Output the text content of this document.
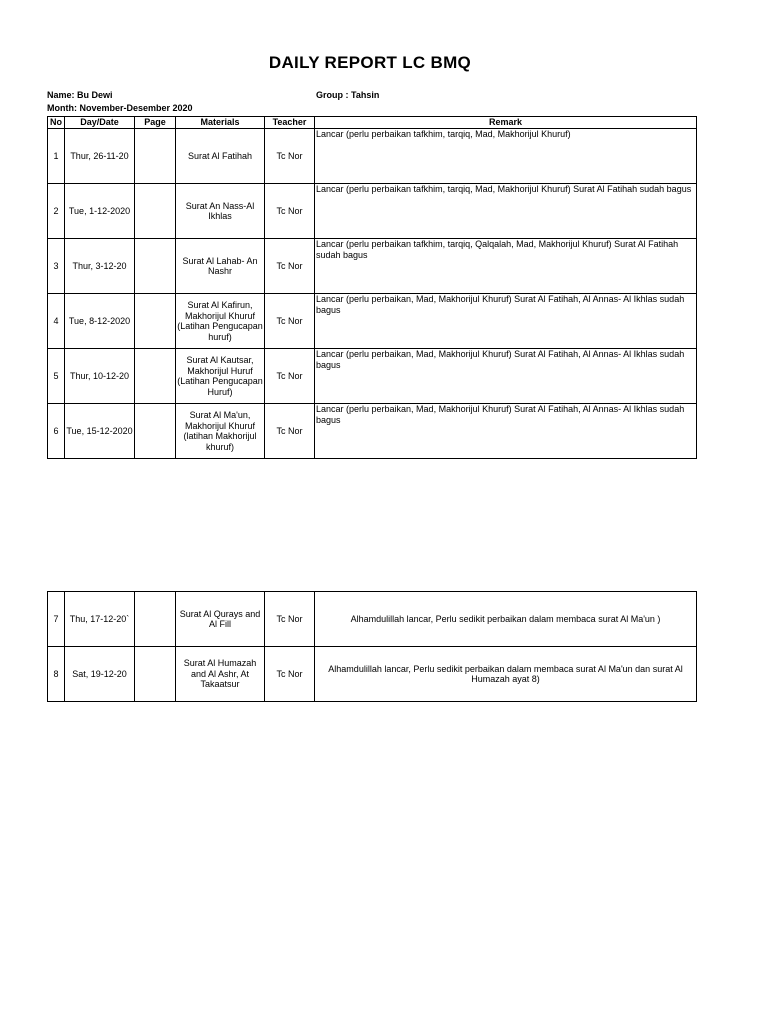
DAILY REPORT LC BMQ
Name: Bu Dewi	Group : Tahsin
Month: November-Desember 2020
No	Day/Date	Page	Materials	Teacher	Remark
1	Thur, 26-11-20		Surat Al Fatihah	Tc Nor	Lancar (perlu perbaikan tafkhim, tarqiq, Mad, Makhorijul Khuruf)
2	Tue, 1-12-2020		Surat An Nass-Al Ikhlas	Tc Nor	Lancar (perlu perbaikan tafkhim, tarqiq, Mad, Makhorijul Khuruf) Surat Al Fatihah sudah bagus
3	Thur, 3-12-20		Surat Al Lahab- An Nashr	Tc Nor	Lancar (perlu perbaikan tafkhim, tarqiq, Qalqalah, Mad, Makhorijul Khuruf) Surat Al Fatihah sudah bagus
4	Tue, 8-12-2020		Surat Al Kafirun, Makhorijul Khuruf (Latihan Pengucapan huruf)	Tc Nor	Lancar (perlu perbaikan, Mad, Makhorijul Khuruf) Surat Al Fatihah, Al Annas- Al Ikhlas sudah bagus
5	Thur, 10-12-20		Surat Al Kautsar, Makhorijul Huruf (Latihan Pengucapan Huruf)	Tc Nor	Lancar (perlu perbaikan, Mad, Makhorijul Khuruf) Surat Al Fatihah, Al Annas- Al Ikhlas sudah bagus
6	Tue, 15-12-2020		Surat Al Ma'un, Makhorijul Khuruf (latihan Makhorijul khuruf)	Tc Nor	Lancar (perlu perbaikan, Mad, Makhorijul Khuruf) Surat Al Fatihah, Al Annas- Al Ikhlas sudah bagus
7	Thu, 17-12-20`		Surat Al Qurays and Al Fill	Tc Nor	Alhamdulillah lancar, Perlu sedikit perbaikan dalam membaca surat Al Ma'un )
8	Sat, 19-12-20		Surat Al Humazah and Al Ashr, At Takaatsur	Tc Nor	Alhamdulillah lancar, Perlu sedikit perbaikan dalam membaca surat Al Ma'un dan surat Al Humazah ayat 8)
